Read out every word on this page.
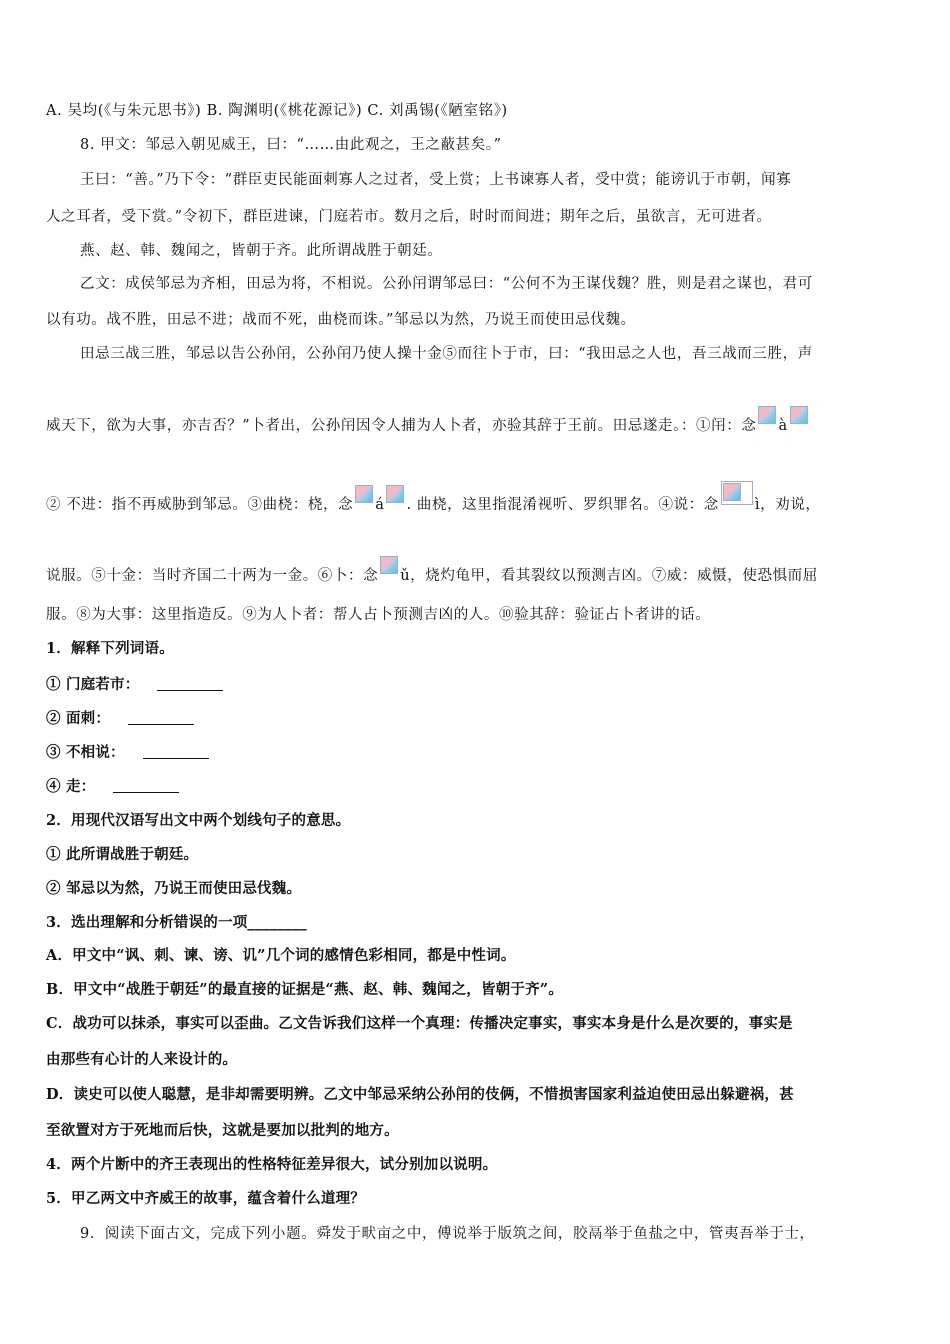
A. 吴均(《与朱元思书》) B. 陶渊明(《桃花源记》) C. 刘禹锡(《陋室铭》)
8. 甲文：邹忌入朝见威王，曰：“……由此观之，王之蔽甚矣。”
王曰：“善。”乃下令：“群臣吏民能面刺寡人之过者，受上赏；上书谏寡人者，受中赏；能谤讥于市朝，闻寡
人之耳者，受下赏。”令初下，群臣进谏，门庭若市。数月之后，时时而间进；期年之后，虽欲言，无可进者。
燕、赵、韩、魏闻之，皆朝于齐。此所谓战胜于朝廷。
乙文：成侯邹忌为齐相，田忌为将，不相说。公孙闬谓邹忌曰：“公何不为王谋伐魏？胜，则是君之谋也，君可
以有功。战不胜，田忌不进；战而不死，曲桡而诛。”邹忌以为然，乃说王而使田忌伐魏。
田忌三战三胜，邹忌以告公孙闬，公孙闬乃使人操十金⑤而往卜于市，曰：“我田忌之人也，吾三战而三胜，声
威天下，欲为大事，亦吉否？”卜者出，公孙闬因令人捕为人卜者，亦验其辞于王前。田忌遂走。：①闬：念 à
② 不进：指不再威胁到邹忌。③曲桡：桡，念 á . 曲桡，这里指混淆视听、罗织罪名。④说：念 ì，劝说，
说服。⑤十金：当时齐国二十两为一金。⑥卜：念 ǔ，烧灼龟甲，看其裂纹以预测吉凶。⑦威：威慑，使恐惧而屈
服。⑧为大事：这里指造反。⑨为人卜者：帮人占卜预测吉凶的人。⑩验其辞：验证占卜者讲的话。
1．解释下列词语。
① 门庭若市：
② 面刺：
③ 不相说：
④ 走：
2．用现代汉语写出文中两个划线句子的意思。
① 此所谓战胜于朝廷。
② 邹忌以为然，乃说王而使田忌伐魏。
3．选出理解和分析错误的一项________
A．甲文中“讽、刺、谏、谤、讥”几个词的感情色彩相同，都是中性词。
B．甲文中“战胜于朝廷”的最直接的证据是“燕、赵、韩、魏闻之，皆朝于齐”。
C．战功可以抹杀，事实可以歪曲。乙文告诉我们这样一个真理：传播决定事实，事实本身是什么是次要的，事实是
由那些有心计的人来设计的。
D．读史可以使人聪慧，是非却需要明辨。乙文中邹忌采纳公孙闬的伎俩，不惜损害国家利益迫使田忌出躲避祸，甚
至欲置对方于死地而后快，这就是要加以批判的地方。
4．两个片断中的齐王表现出的性格特征差异很大，试分别加以说明。
5．甲乙两文中齐威王的故事，蕴含着什么道理？
9．阅读下面古文，完成下列小题。舜发于畎亩之中，傅说举于版筑之间，胶鬲举于鱼盐之中，管夷吾举于士，
